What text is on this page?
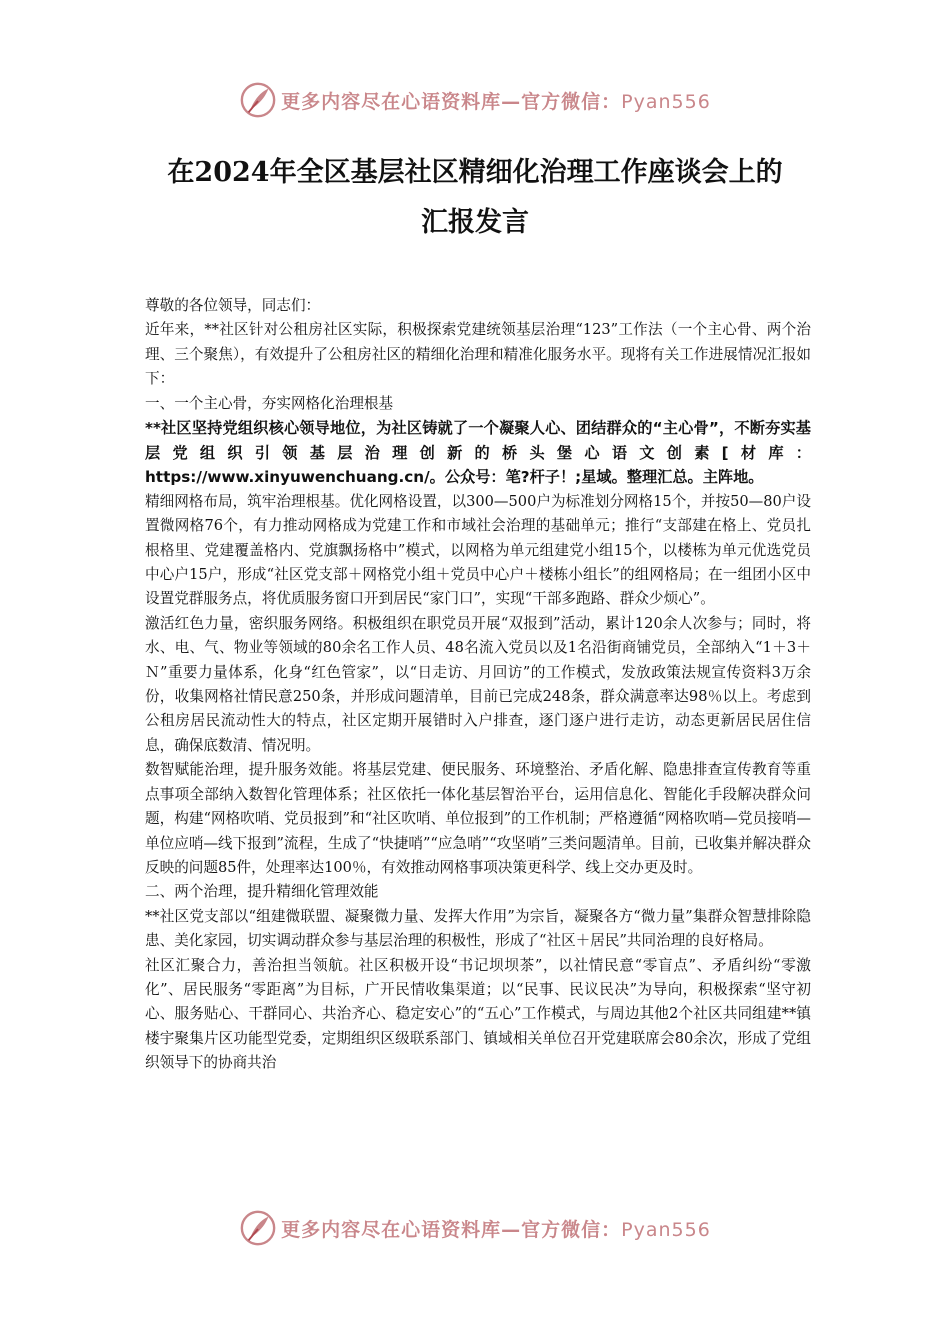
更多内容尽在心语资料库—官方微信：Pyan556
在2024年全区基层社区精细化治理工作座谈会上的
汇报发言

尊敬的各位领导，同志们：

近年来，**社区针对公租房社区实际，积极探索党建统领基层治理“123”工作法（一个主心骨、两个治理、三个聚焦），有效提升了公租房社区的精细化治理和精准化服务水平。现将有关工作进展情况汇报如下：

一、一个主心骨，夯实网格化治理根基

**社区坚持党组织核心领导地位，为社区铸就了一个凝聚人心、团结群众的“主心骨”，不断夯实基层党组织引领基层治理创新的桥头堡心语文创素[材库：https://www.xinyuwenchuang.cn/。公众号：笔?杆子！;星域。整理汇总。主阵地。

精细网格布局，筑牢治理根基。优化网格设置，以300—500户为标准划分网格15个，并按50—80户设置微网格76个，有力推动网格成为党建工作和市域社会治理的基础单元；推行“支部建在格上、党员扎根格里、党建覆盖格内、党旗飘扬格中”模式，以网格为单元组建党小组15个，以楼栋为单元优选党员中心户15户，形成“社区党支部＋网格党小组＋党员中心户＋楼栋小组长”的组网格局；在一组团小区中设置党群服务点，将优质服务窗口开到居民“家门口”，实现“干部多跑路、群众少烦心”。

激活红色力量，密织服务网络。积极组织在职党员开展“双报到”活动，累计120余人次参与；同时，将水、电、气、物业等领域的80余名工作人员、48名流入党员以及1名沿街商铺党员，全部纳入“1＋3＋Ｎ”重要力量体系，化身“红色管家”，以“日走访、月回访”的工作模式，发放政策法规宣传资料3万余份，收集网格社情民意250条，并形成问题清单，目前已完成248条，群众满意率达98％以上。考虑到公租房居民流动性大的特点，社区定期开展错时入户排查，逐门逐户进行走访，动态更新居民居住信息，确保底数清、情况明。

数智赋能治理，提升服务效能。将基层党建、便民服务、环境整治、矛盾化解、隐患排查宣传教育等重点事项全部纳入数智化管理体系；社区依托一体化基层智治平台，运用信息化、智能化手段解决群众问题，构建“网格吹哨、党员报到”和“社区吹哨、单位报到”的工作机制；严格遵循“网格吹哨—党员接哨—单位应哨—线下报到”流程，生成了“快捷哨”“应急哨”“攻坚哨”三类问题清单。目前，已收集并解决群众反映的问题85件，处理率达100％，有效推动网格事项决策更科学、线上交办更及时。

二、两个治理，提升精细化管理效能

**社区党支部以“组建微联盟、凝聚微力量、发挥大作用”为宗旨，凝聚各方“微力量”集群众智慧排除隐患、美化家园，切实调动群众参与基层治理的积极性，形成了“社区＋居民”共同治理的良好格局。

社区汇聚合力，善治担当领航。社区积极开设“书记坝坝茶”，以社情民意“零盲点”、矛盾纠纷“零激化”、居民服务“零距离”为目标，广开民情收集渠道；以“民事、民议民决”为导向，积极探索“坚守初心、服务贴心、干群同心、共治齐心、稳定安心”的“五心”工作模式，与周边其他2个社区共同组建**镇楼宇聚集片区功能型党委，定期组织区级联系部门、镇域相关单位召开党建联席会80余次，形成了党组织领导下的协商共治

更多内容尽在心语资料库—官方微信：Pyan556
